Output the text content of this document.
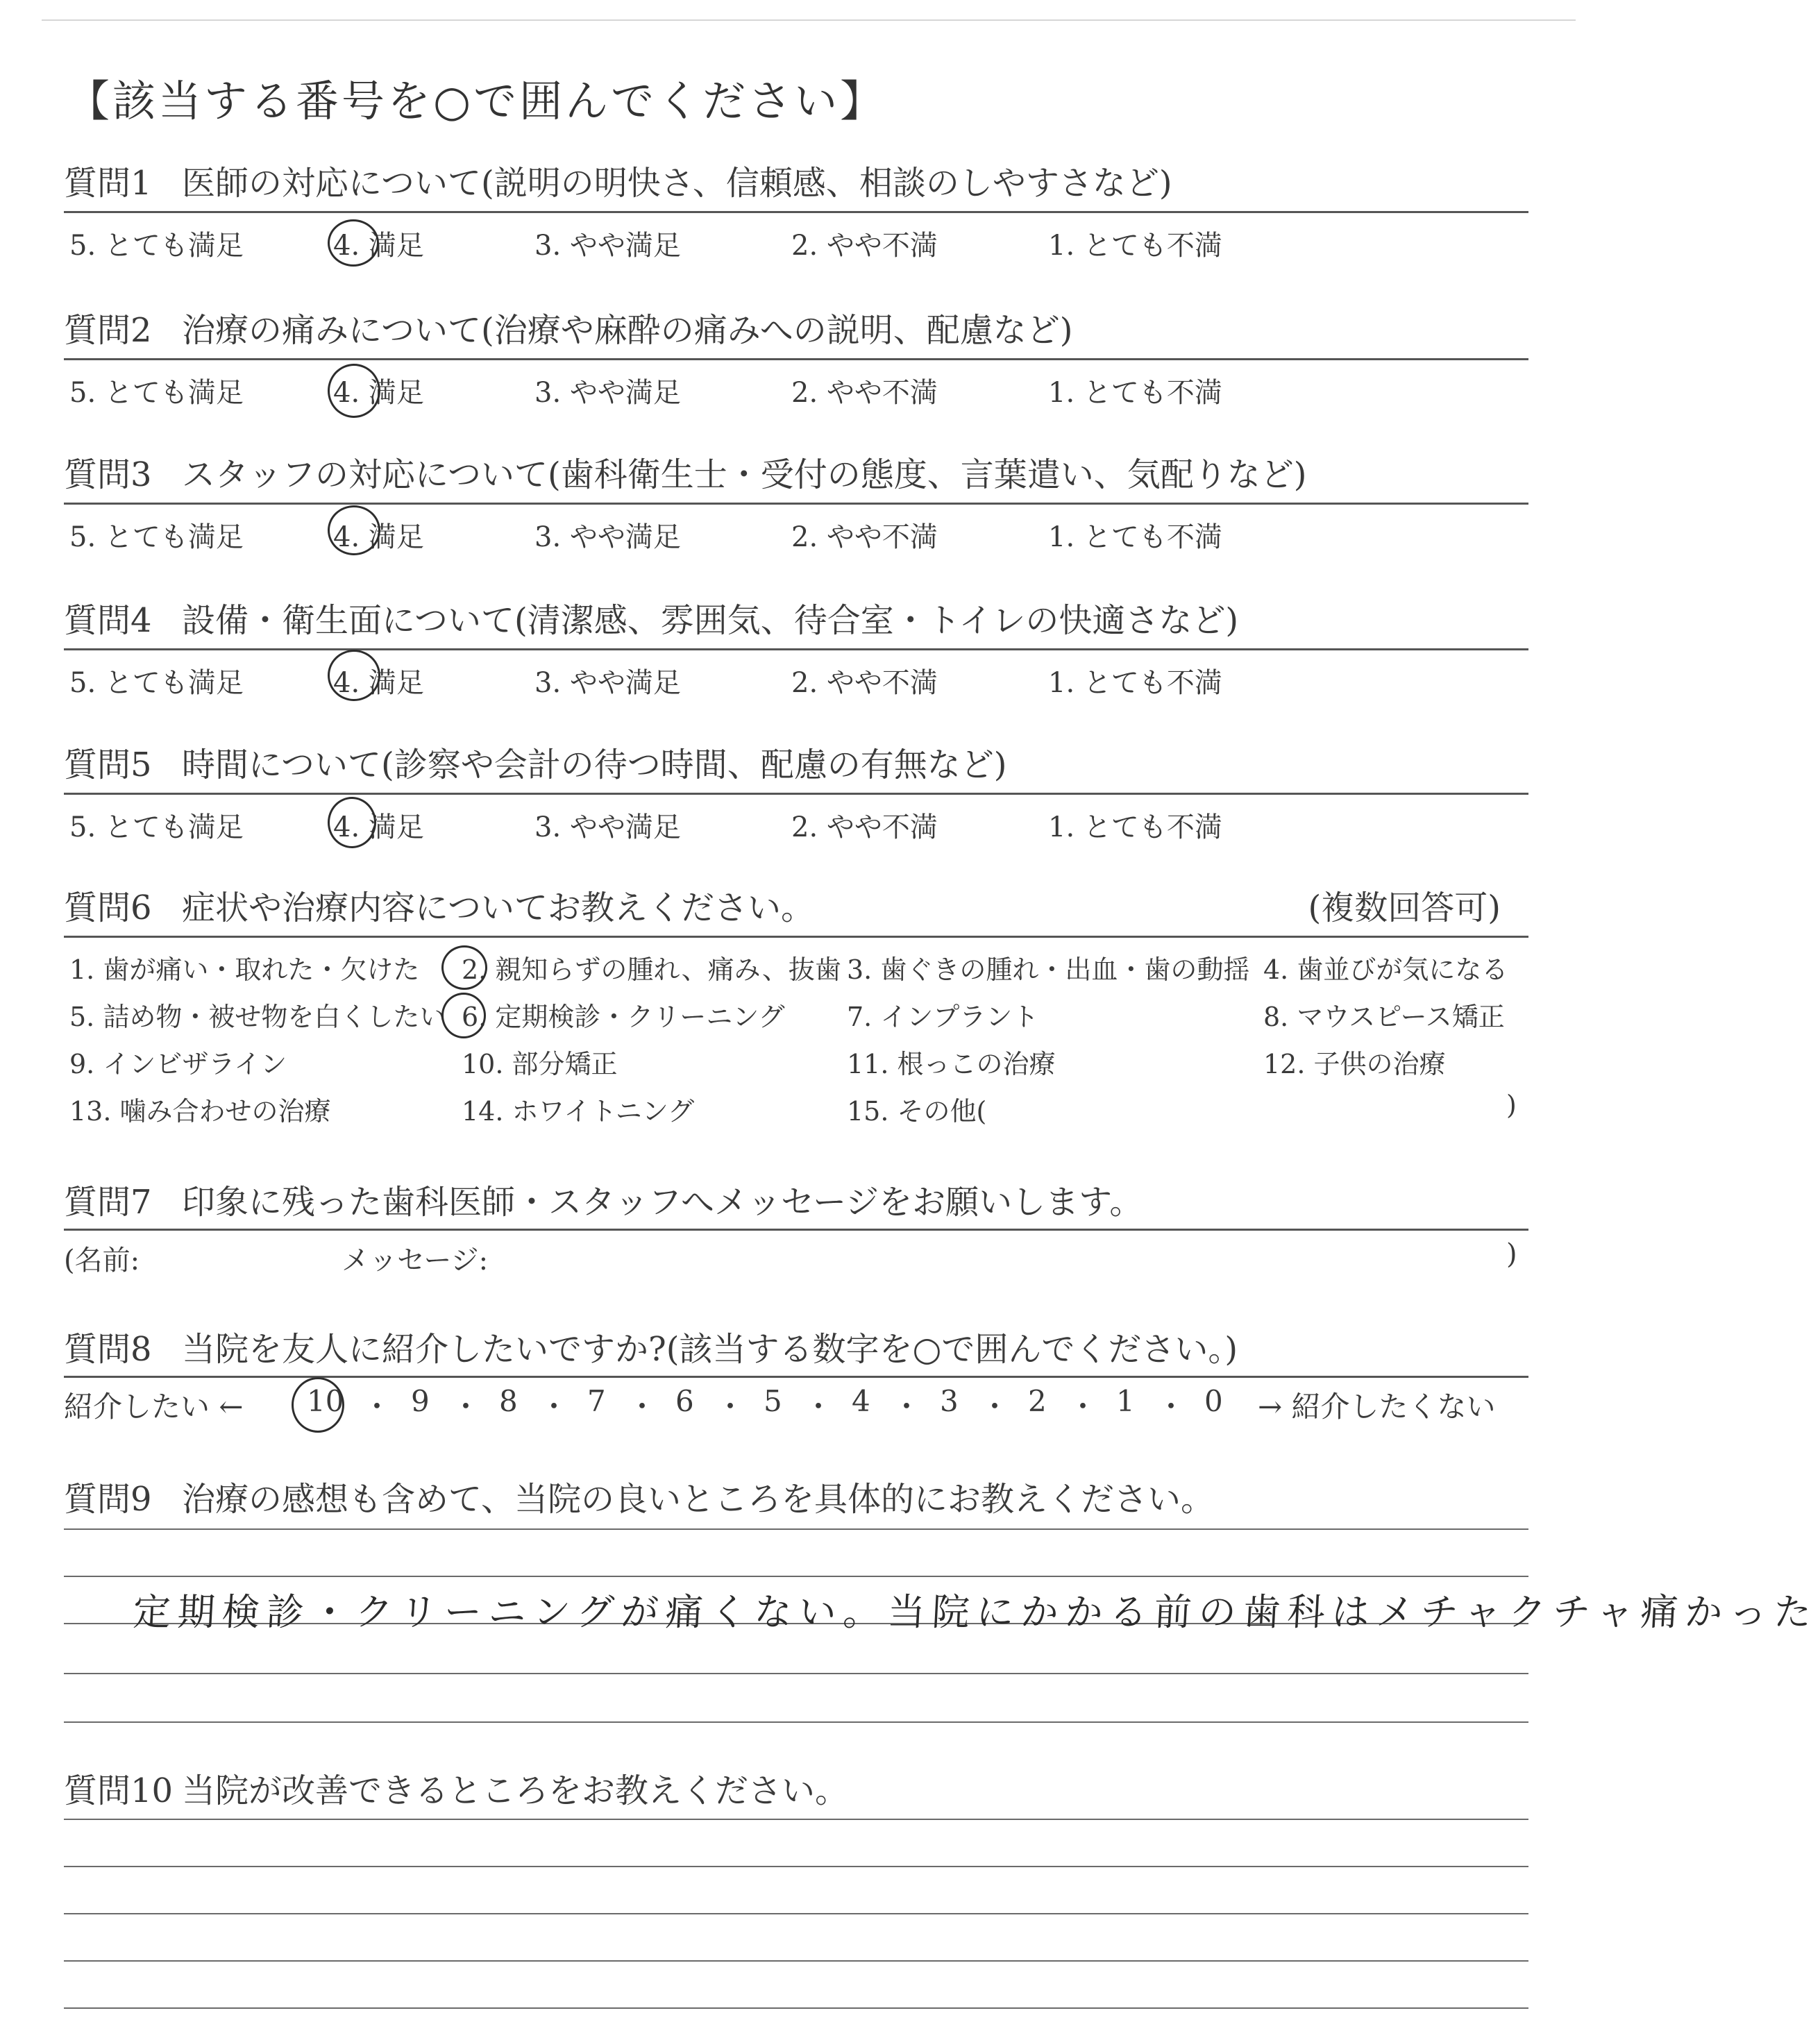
【該当する番号を○で囲んでください】
質問1 医師の対応について(説明の明快さ、信頼感、相談のしやすさなど)
5. とても満足	4. 満足	3. やや満足	2. やや不満	1. とても不満
質問2 治療の痛みについて(治療や麻酔の痛みへの説明、配慮など)
5. とても満足	4. 満足	3. やや満足	2. やや不満	1. とても不満
質問3 スタッフの対応について(歯科衛生士・受付の態度、言葉遣い、気配りなど)
5. とても満足	4. 満足	3. やや満足	2. やや不満	1. とても不満
質問4 設備・衛生面について(清潔感、雰囲気、待合室・トイレの快適さなど)
5. とても満足	4. 満足	3. やや満足	2. やや不満	1. とても不満
質問5 時間について(診察や会計の待つ時間、配慮の有無など)
5. とても満足	4. 満足	3. やや満足	2. やや不満	1. とても不満
質問6 症状や治療内容についてお教えください。	(複数回答可)
1. 歯が痛い・取れた・欠けた 2. 親知らずの腫れ、痛み、抜歯 3. 歯ぐきの腫れ・出血・歯の動揺 4. 歯並びが気になる
5. 詰め物・被せ物を白くしたい 6. 定期検診・クリーニング 7. インプラント	8. マウスピース矯正
9. インビザライン	10. 部分矯正	11. 根っこの治療	12. 子供の治療
13. 噛み合わせの治療	14. ホワイトニング	15. その他(	)
質問7 印象に残った歯科医師・スタッフへメッセージをお願いします。
(名前:	メッセージ:	)
質問8 当院を友人に紹介したいですか?(該当する数字を○で囲んでください。)
紹介したい ← 10 ・ 9 ・ 8 ・ 7 ・ 6 ・ 5 ・ 4 ・ 3 ・ 2 ・ 1 ・ 0 → 紹介したくない
質問9 治療の感想も含めて、当院の良いところを具体的にお教えください。
定期検診・クリーニングが痛くない。当院にかかる前の歯科はメチャクチャ痛かった
質問10 当院が改善できるところをお教えください。
